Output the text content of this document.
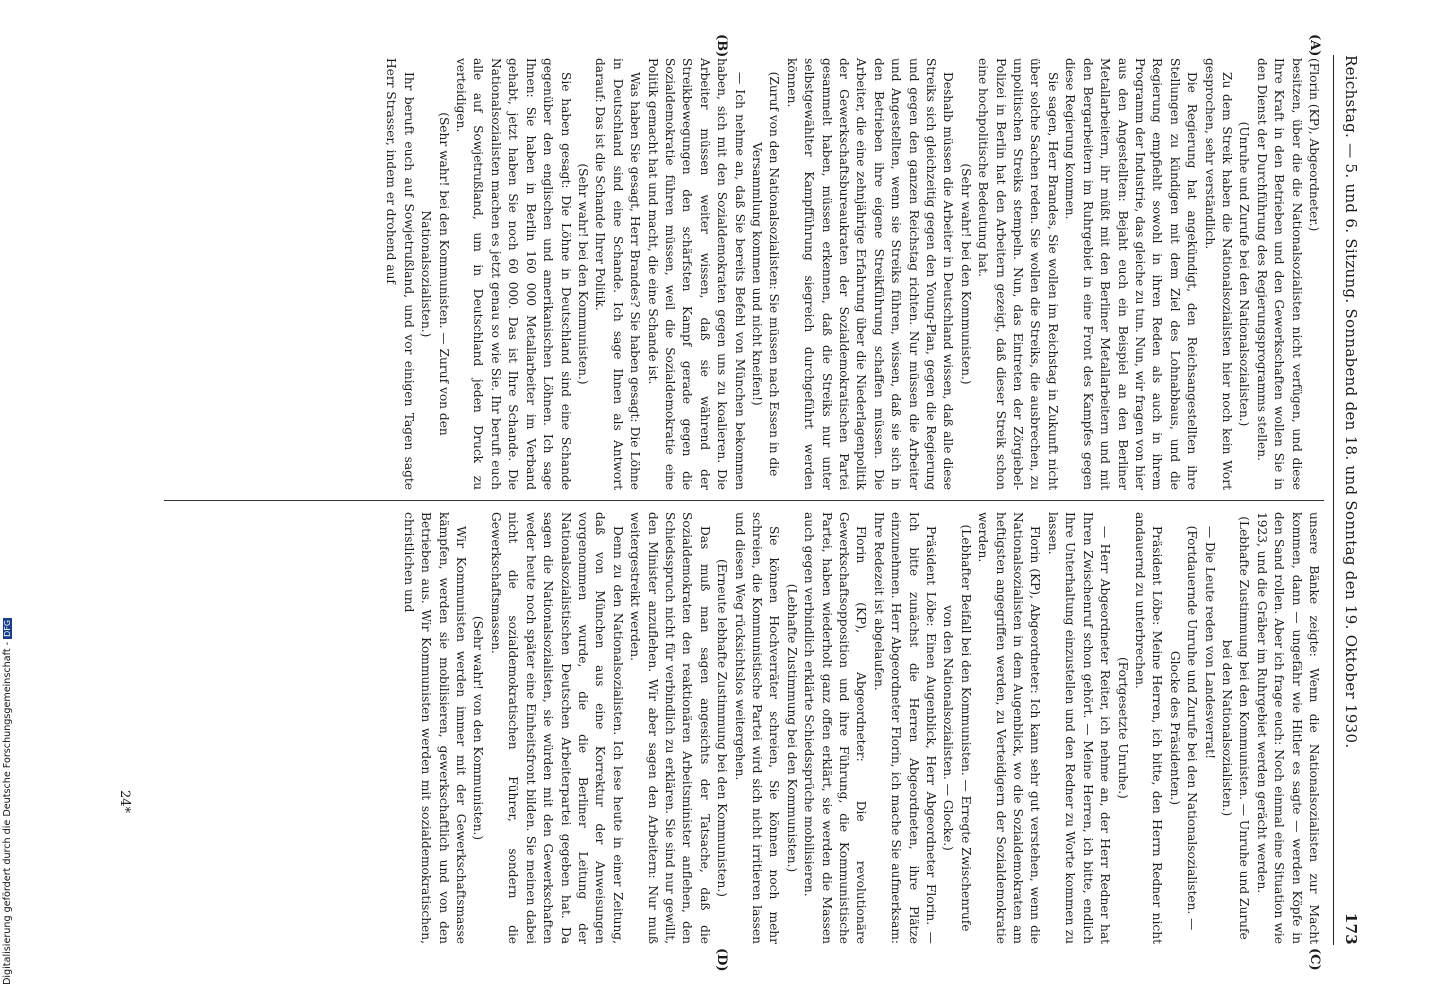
Reichstag. — 5. und 6. Sitzung. Sonnabend den 18. und Sonntag den 19. Oktober 1930.
173
(A)
(B)
(C)
(D)

(Florin (KP), Abgeordneter.)

besitzen, über die die Nationalsozialisten nicht verfügen, und diese Ihre Kraft in den Betrieben und den Gewerkschaften wollen Sie in den Dienst der Durchführung des Regierungsprogramms stellen.

(Unruhe und Zurufe bei den Nationalsozialisten.)

Zu dem Streik haben die Nationalsozialisten hier noch kein Wort gesprochen, sehr verständlich.

Die Regierung hat angekündigt, den Reichsangestellten ihre Stellungen zu kündigen mit dem Ziel des Lohnabbaus, und die Regierung empfiehlt sowohl in ihren Reden als auch in ihrem Programm der Industrie, das gleiche zu tun. Nun, wir fragen von hier aus den Angestellten: Bejaht euch ein Beispiel an den Berliner Metallarbeitern, ihr müßt mit den Berliner Metallarbeitern und mit den Bergarbeitern im Ruhrgebiet in eine Front des Kampfes gegen diese Regierung kommen.

Sie sagen, Herr Brandes, Sie wollen im Reichstag in Zukunft nicht über solche Sachen reden. Sie wollen die Streiks, die ausbrechen, zu unpolitischen Streiks stempeln. Nun, das Eintreten der Zörgiebel-Polizei in Berlin hat den Arbeitern gezeigt, daß dieser Streik schon eine hochpolitische Bedeutung hat.

(Sehr wahr! bei den Kommunisten.)

Deshalb müssen die Arbeiter in Deutschland wissen, daß alle diese Streiks sich gleichzeitig gegen den Young-Plan, gegen die Regierung und gegen den ganzen Reichstag richten. Nur müssen die Arbeiter und Angestellten, wenn sie Streiks führen, wissen, daß sie sich in den Betrieben ihre eigene Streikführung schaffen müssen. Die Arbeiter, die eine zehnjährige Erfahrung über die Niederlagenpolitik der Gewerkschaftsbureaukraten der Sozialdemokratischen Partei gesammelt haben, müssen erkennen, daß die Streiks nur unter selbstgewählter Kampfführung siegreich durchgeführt werden können.

(Zuruf von den Nationalsozialisten: Sie müssen nach Essen in die Versammlung kommen und nicht kneifen!)

— Ich nehme an, daß Sie bereits Befehl von München bekommen haben, sich mit den Sozialdemokraten gegen uns zu koalieren. Die Arbeiter müssen weiter wissen, daß sie während der Streikbewegungen den schärfsten Kampf gerade gegen die Sozialdemokratie führen müssen, weil die Sozialdemokratie eine Politik gemacht hat und macht, die eine Schande ist.

Was haben Sie gesagt, Herr Brandes? Sie haben gesagt: Die Löhne in Deutschland sind eine Schande. Ich sage Ihnen als Antwort darauf: Das ist die Schande Ihrer Politik.

(Sehr wahr! bei den Kommunisten.)

Sie haben gesagt: Die Löhne in Deutschland sind eine Schande gegenüber den englischen und amerikanischen Löhnen. Ich sage Ihnen: Sie haben in Berlin 160 000 Metallarbeiter im Verband gehabt, jetzt haben Sie noch 60 000. Das ist Ihre Schande. Die Nationalsozialisten machen es jetzt genau so wie Sie. Ihr beruft euch alle auf Sowjetrußland, um in Deutschland jeden Druck zu verteidigen.

(Sehr wahr! bei den Kommunisten. — Zuruf von den Nationalsozialisten.)

Ihr beruft euch auf Sowjetrußland, und vor einigen Tagen sagte Herr Strasser, indem er drohend auf

unsere Bänke zeigte: Wenn die Nationalsozialisten zur Macht kommen, dann — ungefähr wie Hitler es sagte — werden Köpfe in den Sand rollen. Aber ich frage euch: Noch einmal eine Situation wie 1923, und die Gräber im Ruhrgebiet werden gerächt werden.

(Lebhafte Zustimmung bei den Kommunisten. — Unruhe und Zurufe bei den Nationalsozialisten.)

— Die Leute reden von Landesverrat!

(Fortdauernde Unruhe und Zurufe bei den Nationalsozialisten. — Glocke des Präsidenten.)

Präsident Löbe: Meine Herren, ich bitte, den Herrn Redner nicht andauernd zu unterbrechen.

(Fortgesetzte Unruhe.)

— Herr Abgeordneter Reiter, ich nehme an, der Herr Redner hat Ihren Zwischenruf schon gehört. — Meine Herren, ich bitte, endlich Ihre Unterhaltung einzustellen und den Redner zu Worte kommen zu lassen.

Florin (KP), Abgeordneter: Ich kann sehr gut verstehen, wenn die Nationalsozialisten in dem Augenblick, wo die Sozialdemokraten am heftigsten angegriffen werden, zu Verteidigern der Sozialdemokratie werden.

(Lebhafter Beifall bei den Kommunisten. — Erregte Zwischenrufe von den Nationalsozialisten. — Glocke.)

Präsident Löbe: Einen Augenblick, Herr Abgeordneter Florin. — Ich bitte zunächst die Herren Abgeordneten, ihre Plätze einzunehmen. Herr Abgeordneter Florin, ich mache Sie aufmerksam: Ihre Redezeit ist abgelaufen.

Florin (KP), Abgeordneter: Die revolutionäre Gewerkschaftsopposition und ihre Führung, die Kommunistische Partei, haben wiederholt ganz offen erklärt, sie werden die Massen auch gegen verbindlich erklärte Schiedssprüche mobilisieren.

(Lebhafte Zustimmung bei den Kommunisten.)

Sie können Hochverräter schreien, Sie können noch mehr schreien, die Kommunistische Partei wird sich nicht irritieren lassen und diesen Weg rücksichtslos weitergehen.

(Erneute lebhafte Zustimmung bei den Kommunisten.)

Das muß man sagen angesichts der Tatsache, daß die Sozialdemokraten den reaktionären Arbeitsminister anflehen, den Schiedsspruch nicht für verbindlich zu erklären. Sie sind nur gewillt, den Minister anzuflehen. Wir aber sagen den Arbeitern: Nur muß weitergestreikt werden.

Denn zu den Nationalsozialisten. Ich lese heute in einer Zeitung, daß von München aus eine Korrektur der Anweisungen vorgenommen wurde, die die Berliner Leitung der Nationalsozialistischen Deutschen Arbeiterpartei gegeben hat. Da sagen die Nationalsozialisten, sie würden mit den Gewerkschaften weder heute noch später eine Einheitsfront bilden. Sie meinen dabei nicht die sozialdemokratischen Führer, sondern die Gewerkschaftsmassen.

(Sehr wahr! von den Kommunisten.)

Wir Kommunisten werden immer mit der Gewerkschaftsmasse kämpfen, werden sie mobilisieren, gewerkschaftlich und von den Betrieben aus. Wir Kommunisten werden mit sozialdemokratischen, christlichen und

24*
Digitalisierung gefördert durch die Deutsche Forschungsgemeinschaft -DFG
